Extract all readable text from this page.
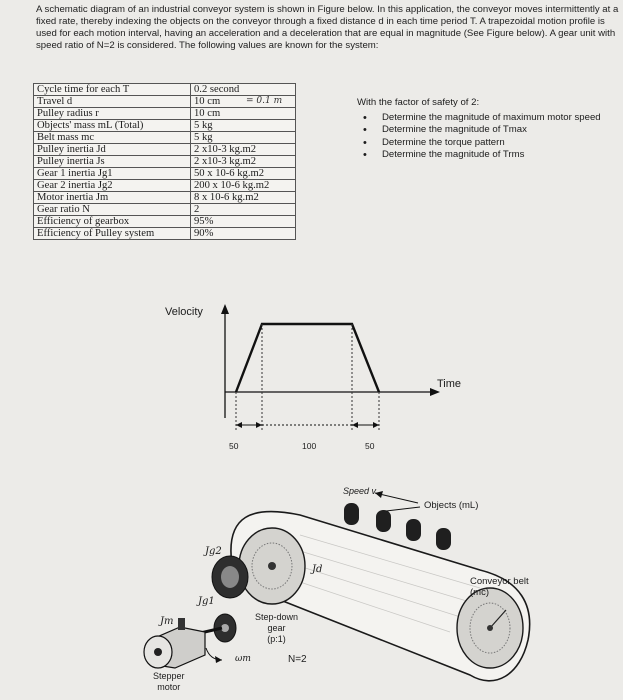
A schematic diagram of an industrial conveyor system is shown in Figure below. In this application, the conveyor moves intermittently at a fixed rate, thereby indexing the objects on the conveyor through a fixed distance d in each time period T. A trapezoidal motion profile is used for each motion interval, having an acceleration and a deceleration that are equal in magnitude (See Figure below). A gear unit with speed ratio of N=2 is considered. The following values are known for the system:
Cycle time for each T	0.2 second
Travel d	10 cm
Pulley radius r	10 cm
Objects' mass mL (Total)	5 kg
Belt mass mc	5 kg
Pulley inertia Jd	2 x10-3 kg.m2
Pulley inertia Js	2 x10-3 kg.m2
Gear 1 inertia Jg1	50 x 10-6 kg.m2
Gear 2 inertia Jg2	200 x 10-6 kg.m2
Motor inertia Jm	8 x 10-6 kg.m2
Gear ratio N	2
Efficiency of gearbox	95%
Efficiency of Pulley system	90%
= 0.1 m	With the factor of safety of 2:
• Determine the magnitude of maximum motor speed
• Determine the magnitude of Tmax
• Determine the torque pattern
• Determine the magnitude of Trms
Velocity
Time
50	100	50
Speed v
Objects (mL)
Conveyor belt (mc)
Jd
Jg1
Jg2
Jm
ωm
Step-down
gear
(p:1)
N=2
Stepper
motor
